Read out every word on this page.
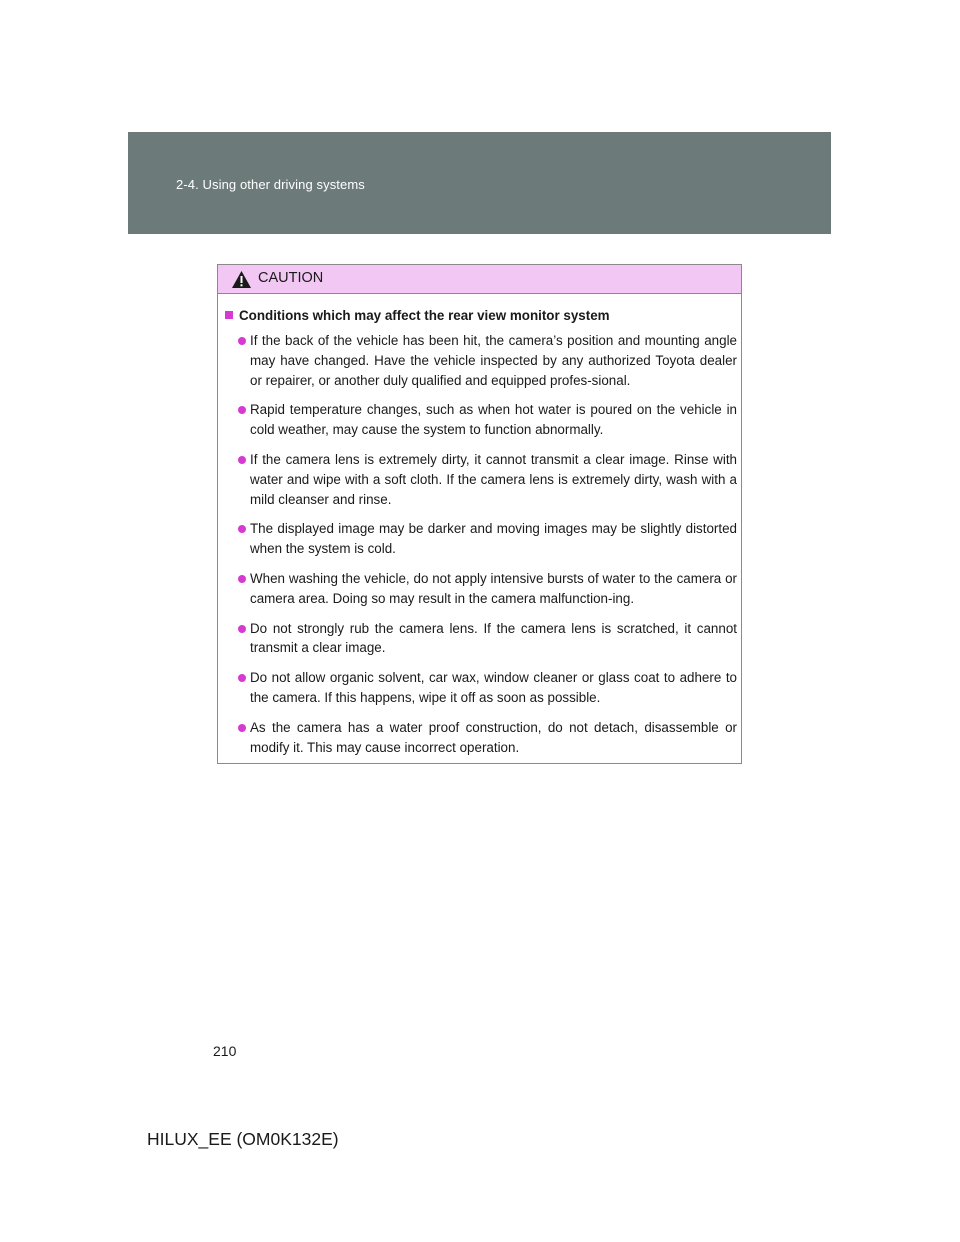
2-4. Using other driving systems
CAUTION
Conditions which may affect the rear view monitor system
If the back of the vehicle has been hit, the camera’s position and mounting angle may have changed. Have the vehicle inspected by any authorized Toyota dealer or repairer, or another duly qualified and equipped profes-sional.
Rapid temperature changes, such as when hot water is poured on the vehicle in cold weather, may cause the system to function abnormally.
If the camera lens is extremely dirty, it cannot transmit a clear image. Rinse with water and wipe with a soft cloth. If the camera lens is extremely dirty, wash with a mild cleanser and rinse.
The displayed image may be darker and moving images may be slightly distorted when the system is cold.
When washing the vehicle, do not apply intensive bursts of water to the camera or camera area. Doing so may result in the camera malfunction-ing.
Do not strongly rub the camera lens. If the camera lens is scratched, it cannot transmit a clear image.
Do not allow organic solvent, car wax, window cleaner or glass coat to adhere to the camera. If this happens, wipe it off as soon as possible.
As the camera has a water proof construction, do not detach, disassemble or modify it. This may cause incorrect operation.
210
HILUX_EE (OM0K132E)
